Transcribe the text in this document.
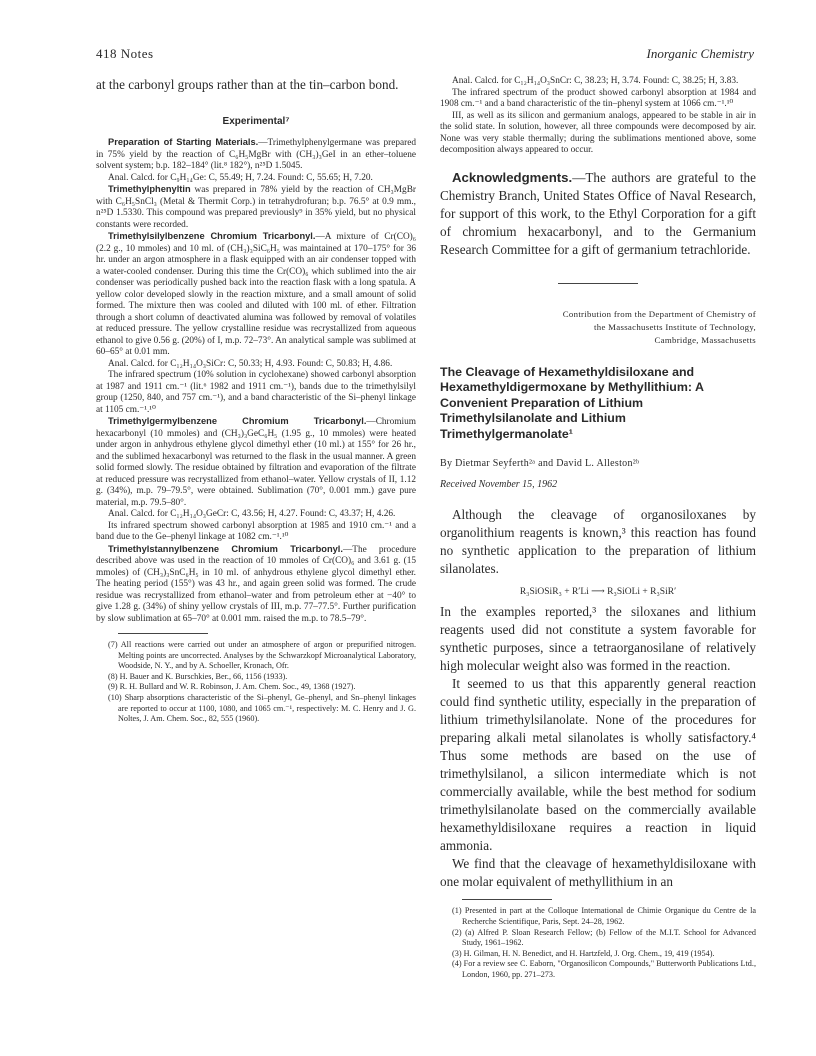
418 Notes	Inorganic Chemistry

at the carbonyl groups rather than at the tin–carbon bond.

Experimental⁷

Preparation of Starting Materials.—Trimethylphenylgermane was prepared in 75% yield by the reaction of C₆H₅MgBr with (CH₃)₃GeI in an ether–toluene solvent system; b.p. 182–184° (lit.⁸ 182°), n²⁵D 1.5045.

Anal. Calcd. for C₉H₁₄Ge: C, 55.49; H, 7.24. Found: C, 55.65; H, 7.20.

Trimethylphenyltin was prepared in 78% yield by the reaction of CH₃MgBr with C₆H₅SnCl₃ (Metal & Thermit Corp.) in tetrahydrofuran; b.p. 76.5° at 0.9 mm., n²⁵D 1.5330. This compound was prepared previously⁹ in 35% yield, but no physical constants were recorded.

Trimethylsilylbenzene Chromium Tricarbonyl.—A mixture of Cr(CO)₆ (2.2 g., 10 mmoles) and 10 ml. of (CH₃)₃SiC₆H₅ was maintained at 170–175° for 36 hr. under an argon atmosphere in a flask equipped with an air condenser topped with a water-cooled condenser. During this time the Cr(CO)₆ which sublimed into the air condenser was periodically pushed back into the reaction flask with a long spatula. A yellow color developed slowly in the reaction mixture, and a small amount of solid formed. The mixture then was cooled and diluted with 100 ml. of ether. Filtration through a short column of deactivated alumina was followed by removal of volatiles at reduced pressure. The yellow crystalline residue was recrystallized from aqueous ethanol to give 0.56 g. (20%) of I, m.p. 72–73°. An analytical sample was sublimed at 60–65° at 0.01 mm.

Anal. Calcd. for C₁₂H₁₄O₃SiCr: C, 50.33; H, 4.93. Found: C, 50.83; H, 4.86.

The infrared spectrum (10% solution in cyclohexane) showed carbonyl absorption at 1987 and 1911 cm.⁻¹ (lit.⁶ 1982 and 1911 cm.⁻¹), bands due to the trimethylsilyl group (1250, 840, and 757 cm.⁻¹), and a band characteristic of the Si–phenyl linkage at 1105 cm.⁻¹.¹⁰

Trimethylgermylbenzene Chromium Tricarbonyl.—Chromium hexacarbonyl (10 mmoles) and (CH₃)₃GeC₆H₅ (1.95 g., 10 mmoles) were heated under argon in anhydrous ethylene glycol dimethyl ether (10 ml.) at 155° for 26 hr., and the sublimed hexacarbonyl was returned to the flask in the usual manner. A green solid formed slowly. The residue obtained by filtration and evaporation of the filtrate at reduced pressure was recrystallized from ethanol–water. Yellow crystals of II, 1.12 g. (34%), m.p. 79–79.5°, were obtained. Sublimation (70°, 0.001 mm.) gave pure material, m.p. 79.5–80°.

Anal. Calcd. for C₁₂H₁₄O₃GeCr: C, 43.56; H, 4.27. Found: C, 43.37; H, 4.26.

Its infrared spectrum showed carbonyl absorption at 1985 and 1910 cm.⁻¹ and a band due to the Ge–phenyl linkage at 1082 cm.⁻¹.¹⁰

Trimethylstannylbenzene Chromium Tricarbonyl.—The procedure described above was used in the reaction of 10 mmoles of Cr(CO)₆ and 3.61 g. (15 mmoles) of (CH₃)₃SnC₆H₅ in 10 ml. of anhydrous ethylene glycol dimethyl ether. The heating period (155°) was 43 hr., and again green solid was formed. The crude residue was recrystallized from ethanol–water and from petroleum ether at −40° to give 1.28 g. (34%) of shiny yellow crystals of III, m.p. 77–77.5°. Further purification by slow sublimation at 65–70° at 0.001 mm. raised the m.p. to 78.5–79°.

(7) All reactions were carried out under an atmosphere of argon or prepurified nitrogen. Melting points are uncorrected. Analyses by the Schwarzkopf Microanalytical Laboratory, Woodside, N. Y., and by A. Schoeller, Kronach, Ofr.

(8) H. Bauer and K. Burschkies, Ber., 66, 1156 (1933).

(9) R. H. Bullard and W. R. Robinson, J. Am. Chem. Soc., 49, 1368 (1927).

(10) Sharp absorptions characteristic of the Si–phenyl, Ge–phenyl, and Sn–phenyl linkages are reported to occur at 1100, 1080, and 1065 cm.⁻¹, respectively: M. C. Henry and J. G. Noltes, J. Am. Chem. Soc., 82, 555 (1960).

Anal. Calcd. for C₁₂H₁₄O₃SnCr: C, 38.23; H, 3.74. Found: C, 38.25; H, 3.83.

The infrared spectrum of the product showed carbonyl absorption at 1984 and 1908 cm.⁻¹ and a band characteristic of the tin–phenyl system at 1066 cm.⁻¹.¹⁰

III, as well as its silicon and germanium analogs, appeared to be stable in air in the solid state. In solution, however, all three compounds were decomposed by air. None was very stable thermally; during the sublimations mentioned above, some decomposition always appeared to occur.

Acknowledgments.—The authors are grateful to the Chemistry Branch, United States Office of Naval Research, for support of this work, to the Ethyl Corporation for a gift of chromium hexacarbonyl, and to the Germanium Research Committee for a gift of germanium tetrachloride.

Contribution from the Department of Chemistry of
the Massachusetts Institute of Technology,
Cambridge, Massachusetts
The Cleavage of Hexamethyldisiloxane and Hexamethyldigermoxane by Methyllithium: A Convenient Preparation of Lithium Trimethylsilanolate and Lithium Trimethylgermanolate¹
By Dietmar Seyferth²ᵃ and David L. Alleston²ᵇ
Received November 15, 1962

Although the cleavage of organosiloxanes by organolithium reagents is known,³ this reaction has found no synthetic application to the preparation of lithium silanolates.

R₃SiOSiR₃ + R′Li ⟶ R₃SiOLi + R₃SiR′

In the examples reported,³ the siloxanes and lithium reagents used did not constitute a system favorable for synthetic purposes, since a tetraorganosilane of relatively high molecular weight also was formed in the reaction.

It seemed to us that this apparently general reaction could find synthetic utility, especially in the preparation of lithium trimethylsilanolate. None of the procedures for preparing alkali metal silanolates is wholly satisfactory.⁴ Thus some methods are based on the use of trimethylsilanol, a silicon intermediate which is not commercially available, while the best method for sodium trimethylsilanolate based on the commercially available hexamethyldisiloxane requires a reaction in liquid ammonia.

We find that the cleavage of hexamethyldisiloxane with one molar equivalent of methyllithium in an

(1) Presented in part at the Colloque International de Chimie Organique du Centre de la Recherche Scientifique, Paris, Sept. 24–28, 1962.

(2) (a) Alfred P. Sloan Research Fellow; (b) Fellow of the M.I.T. School for Advanced Study, 1961–1962.

(3) H. Gilman, H. N. Benedict, and H. Hartzfeld, J. Org. Chem., 19, 419 (1954).

(4) For a review see C. Eaborn, "Organosilicon Compounds," Butterworth Publications Ltd., London, 1960, pp. 271–273.
